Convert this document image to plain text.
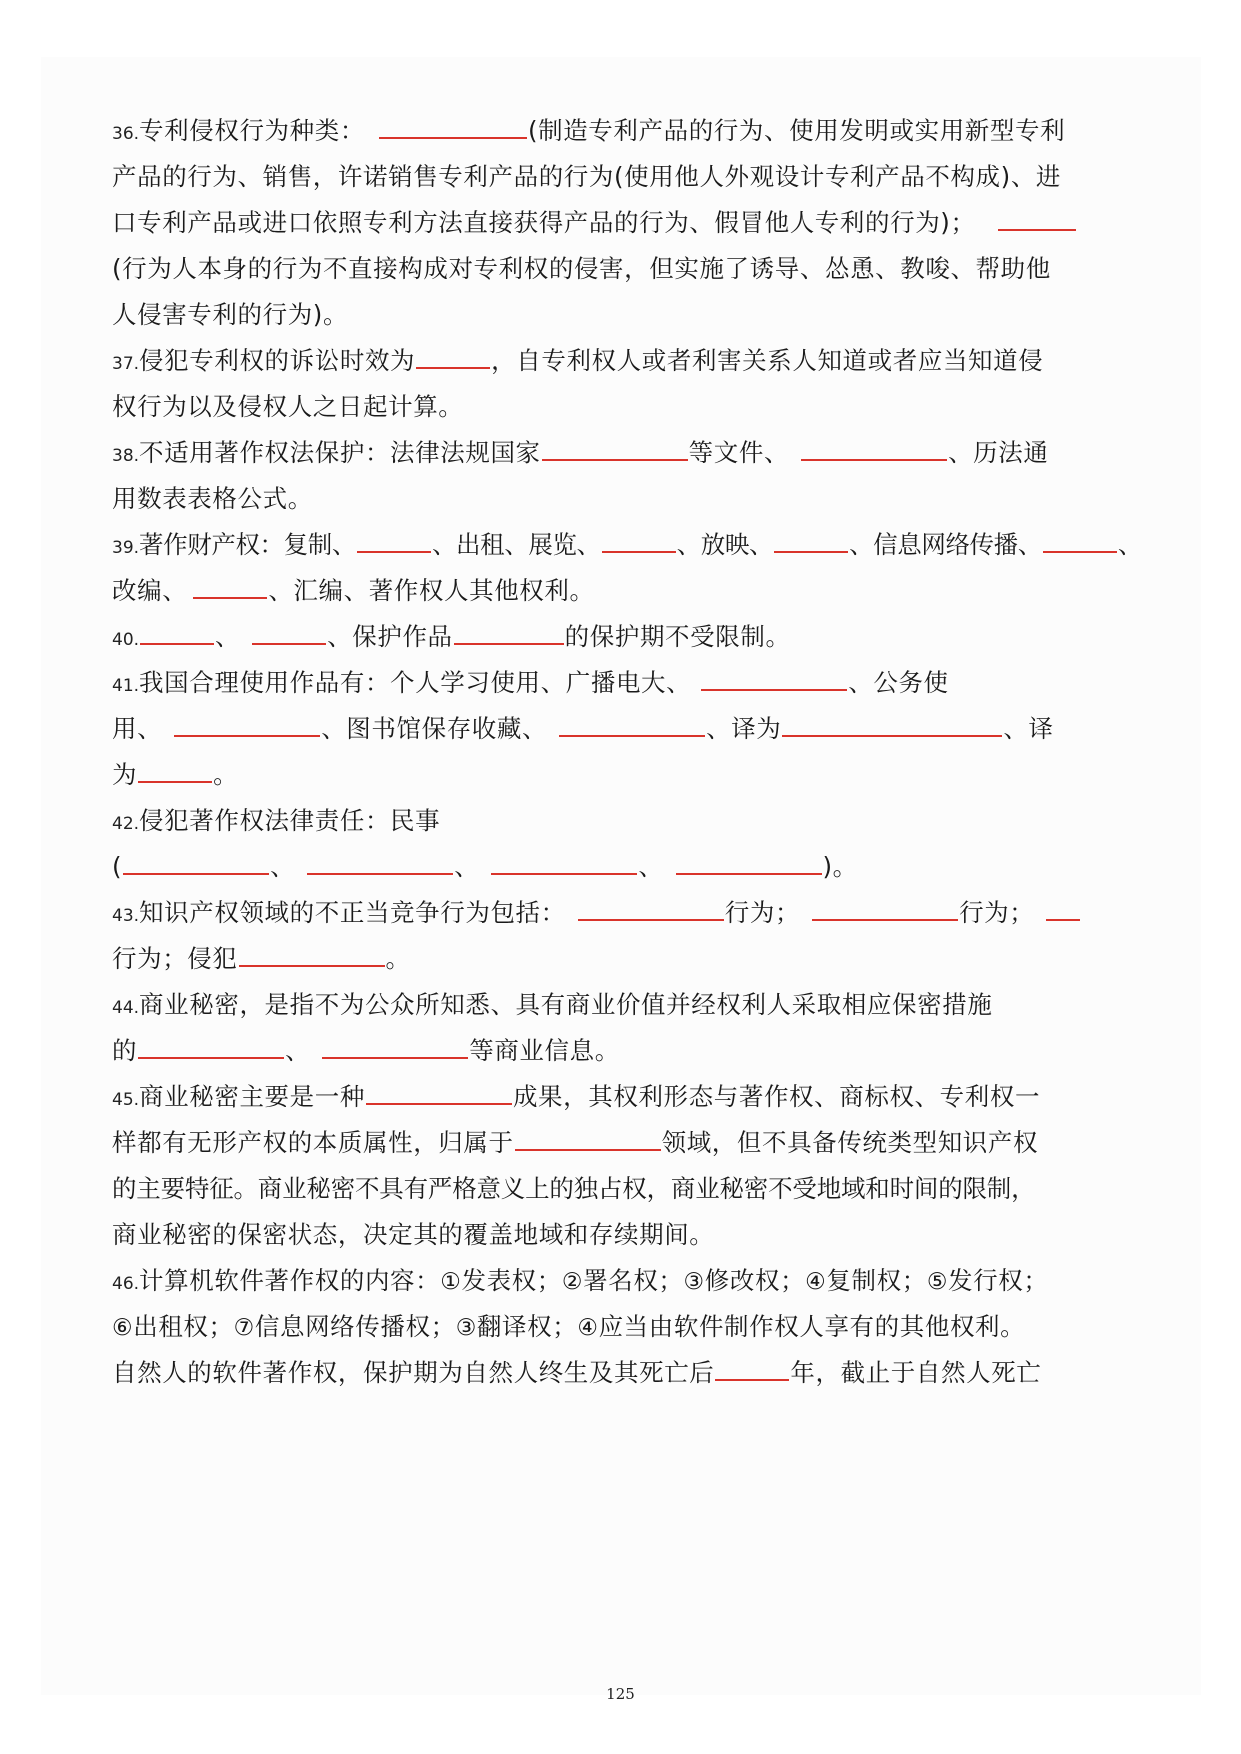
36.专利侵权行为种类：	(制造专利产品的行为、使用发明或实用新型专利
产品的行为、销售，许诺销售专利产品的行为(使用他人外观设计专利产品不构成)、进
口专利产品或进口依照专利方法直接获得产品的行为、假冒他人专利的行为)；
(行为人本身的行为不直接构成对专利权的侵害，但实施了诱导、怂恿、教唆、帮助他
人侵害专利的行为)。
37.侵犯专利权的诉讼时效为	，自专利权人或者利害关系人知道或者应当知道侵
权行为以及侵权人之日起计算。
38.不适用著作权法保护：法律法规国家	等文件、	、历法通
用数表表格公式。
39.著作财产权：复制、	、出租、展览、	、放映、	、信息网络传播、	、
改编、	、汇编、著作权人其他权利。
40.	、	、保护作品	的保护期不受限制。
41.我国合理使用作品有：个人学习使用、广播电大、	、公务使
用、	、图书馆保存收藏、	、译为	、译
为	。
42.侵犯著作权法律责任：民事
(	、	、	、	)。
43.知识产权领域的不正当竞争行为包括：	行为；	行为；
行为；侵犯	。
44.商业秘密，是指不为公众所知悉、具有商业价值并经权利人采取相应保密措施
的	、	等商业信息。
45.商业秘密主要是一种	成果，其权利形态与著作权、商标权、专利权一
样都有无形产权的本质属性，归属于	领域，但不具备传统类型知识产权
的主要特征。商业秘密不具有严格意义上的独占权，商业秘密不受地域和时间的限制，
商业秘密的保密状态，决定其的覆盖地域和存续期间。
46.计算机软件著作权的内容：①发表权；②署名权；③修改权；④复制权；⑤发行权；
⑥出租权；⑦信息网络传播权；③翻译权；④应当由软件制作权人享有的其他权利。
自然人的软件著作权，保护期为自然人终生及其死亡后	年，截止于自然人死亡
125
